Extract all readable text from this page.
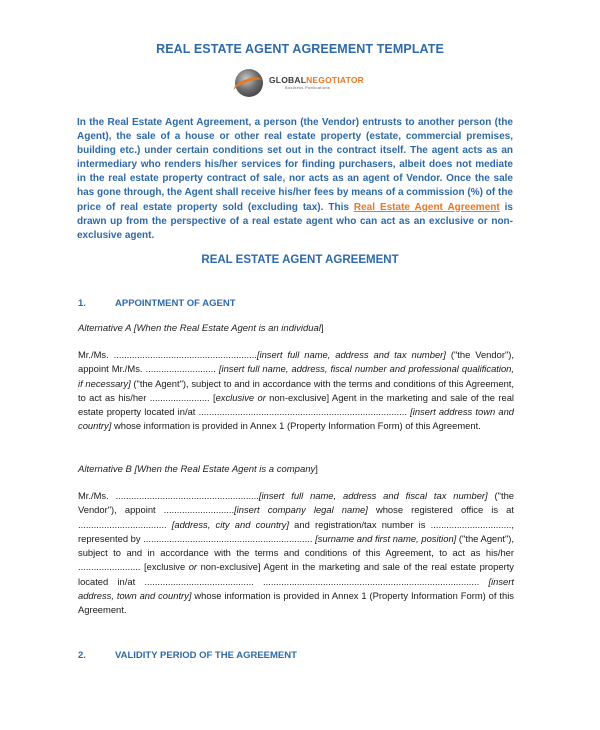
REAL ESTATE AGENT AGREEMENT TEMPLATE
GLOBALNEGOTIATOR
Business Publications
In the Real Estate Agent Agreement, a person (the Vendor) entrusts to another person (the Agent), the sale of a house or other real estate property (estate, commercial premises, building etc.) under certain conditions set out in the contract itself. The agent acts as an intermediary who renders his/her services for finding purchasers, albeit does not mediate in the real estate property contract of sale, nor acts as an agent of Vendor. Once the sale has gone through, the Agent shall receive his/her fees by means of a commission (%) of the price of real estate property sold (excluding tax). This Real Estate Agent Agreement is drawn up from the perspective of a real estate agent who can act as an exclusive or non-exclusive agent.
REAL ESTATE AGENT AGREEMENT
1.	APPOINTMENT OF AGENT
Alternative A [When the Real Estate Agent is an individual]
Mr./Ms. .......................................................[insert full name, address and tax number] ("the Vendor"), appoint Mr./Ms. ........................... [insert full name, address, fiscal number and professional qualification, if necessary] ("the Agent"), subject to and in accordance with the terms and conditions of this Agreement, to act as his/her ....................... [exclusive or non-exclusive] Agent in the marketing and sale of the real estate property located in/at ................................................................................ [insert address town and country] whose information is provided in Annex 1 (Property Information Form) of this Agreement.
Alternative B [When the Real Estate Agent is a company]
Mr./Ms. .......................................................[insert full name, address and fiscal tax number] ("the Vendor"), appoint ...........................[insert company legal name] whose registered office is at .................................. [address, city and country] and registration/tax number is ..............................., represented by ................................................................. [surname and first name, position] ("the Agent"), subject to and in accordance with the terms and conditions of this Agreement, to act as his/her ........................ [exclusive or non-exclusive] Agent in the marketing and sale of the real estate property located in/at .......................................... ................................................................................... [insert address, town and country] whose information is provided in Annex 1 (Property Information Form) of this Agreement.
2.	VALIDITY PERIOD OF THE AGREEMENT
